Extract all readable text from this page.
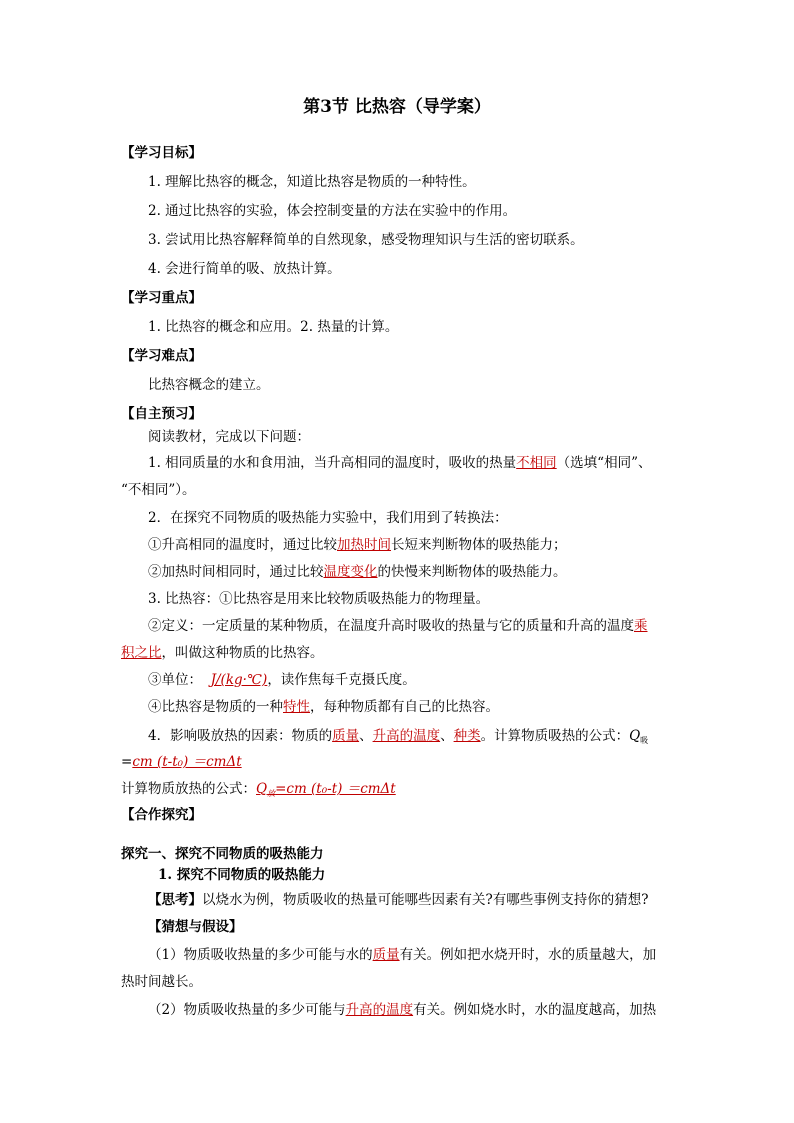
第3节 比热容（导学案）
【学习目标】
1. 理解比热容的概念，知道比热容是物质的一种特性。
2. 通过比热容的实验，体会控制变量的方法在实验中的作用。
3. 尝试用比热容解释简单的自然现象，感受物理知识与生活的密切联系。
4. 会进行简单的吸、放热计算。
【学习重点】
1. 比热容的概念和应用。2. 热量的计算。
【学习难点】
比热容概念的建立。
【自主预习】
阅读教材，完成以下问题：
1. 相同质量的水和食用油，当升高相同的温度时，吸收的热量不相同（选填“相同”、
“不相同”）。
2．在探究不同物质的吸热能力实验中，我们用到了转换法：
①升高相同的温度时，通过比较加热时间长短来判断物体的吸热能力；
②加热时间相同时，通过比较温度变化的快慢来判断物体的吸热能力。
3. 比热容：①比热容是用来比较物质吸热能力的物理量。
②定义：一定质量的某种物质，在温度升高时吸收的热量与它的质量和升高的温度乘
积之比，叫做这种物质的比热容。
③单位： J/(kg·℃)，读作焦每千克摄氏度。
④比热容是物质的一种特性，每种物质都有自己的比热容。
4．影响吸放热的因素：物质的质量、升高的温度、种类。计算物质吸热的公式：$Q_吸$
=cm (t-t₀) ＝cmΔt
计算物质放热的公式：$Q_放=cm$ (t₀-t) ＝cmΔt
【合作探究】
探究一、探究不同物质的吸热能力
1. 探究不同物质的吸热能力
【思考】以烧水为例，物质吸收的热量可能哪些因素有关?有哪些事例支持你的猜想?
【猜想与假设】
（1）物质吸收热量的多少可能与水的质量有关。例如把水烧开时，水的质量越大，加
热时间越长。
（2）物质吸收热量的多少可能与升高的温度有关。例如烧水时，水的温度越高，加热
